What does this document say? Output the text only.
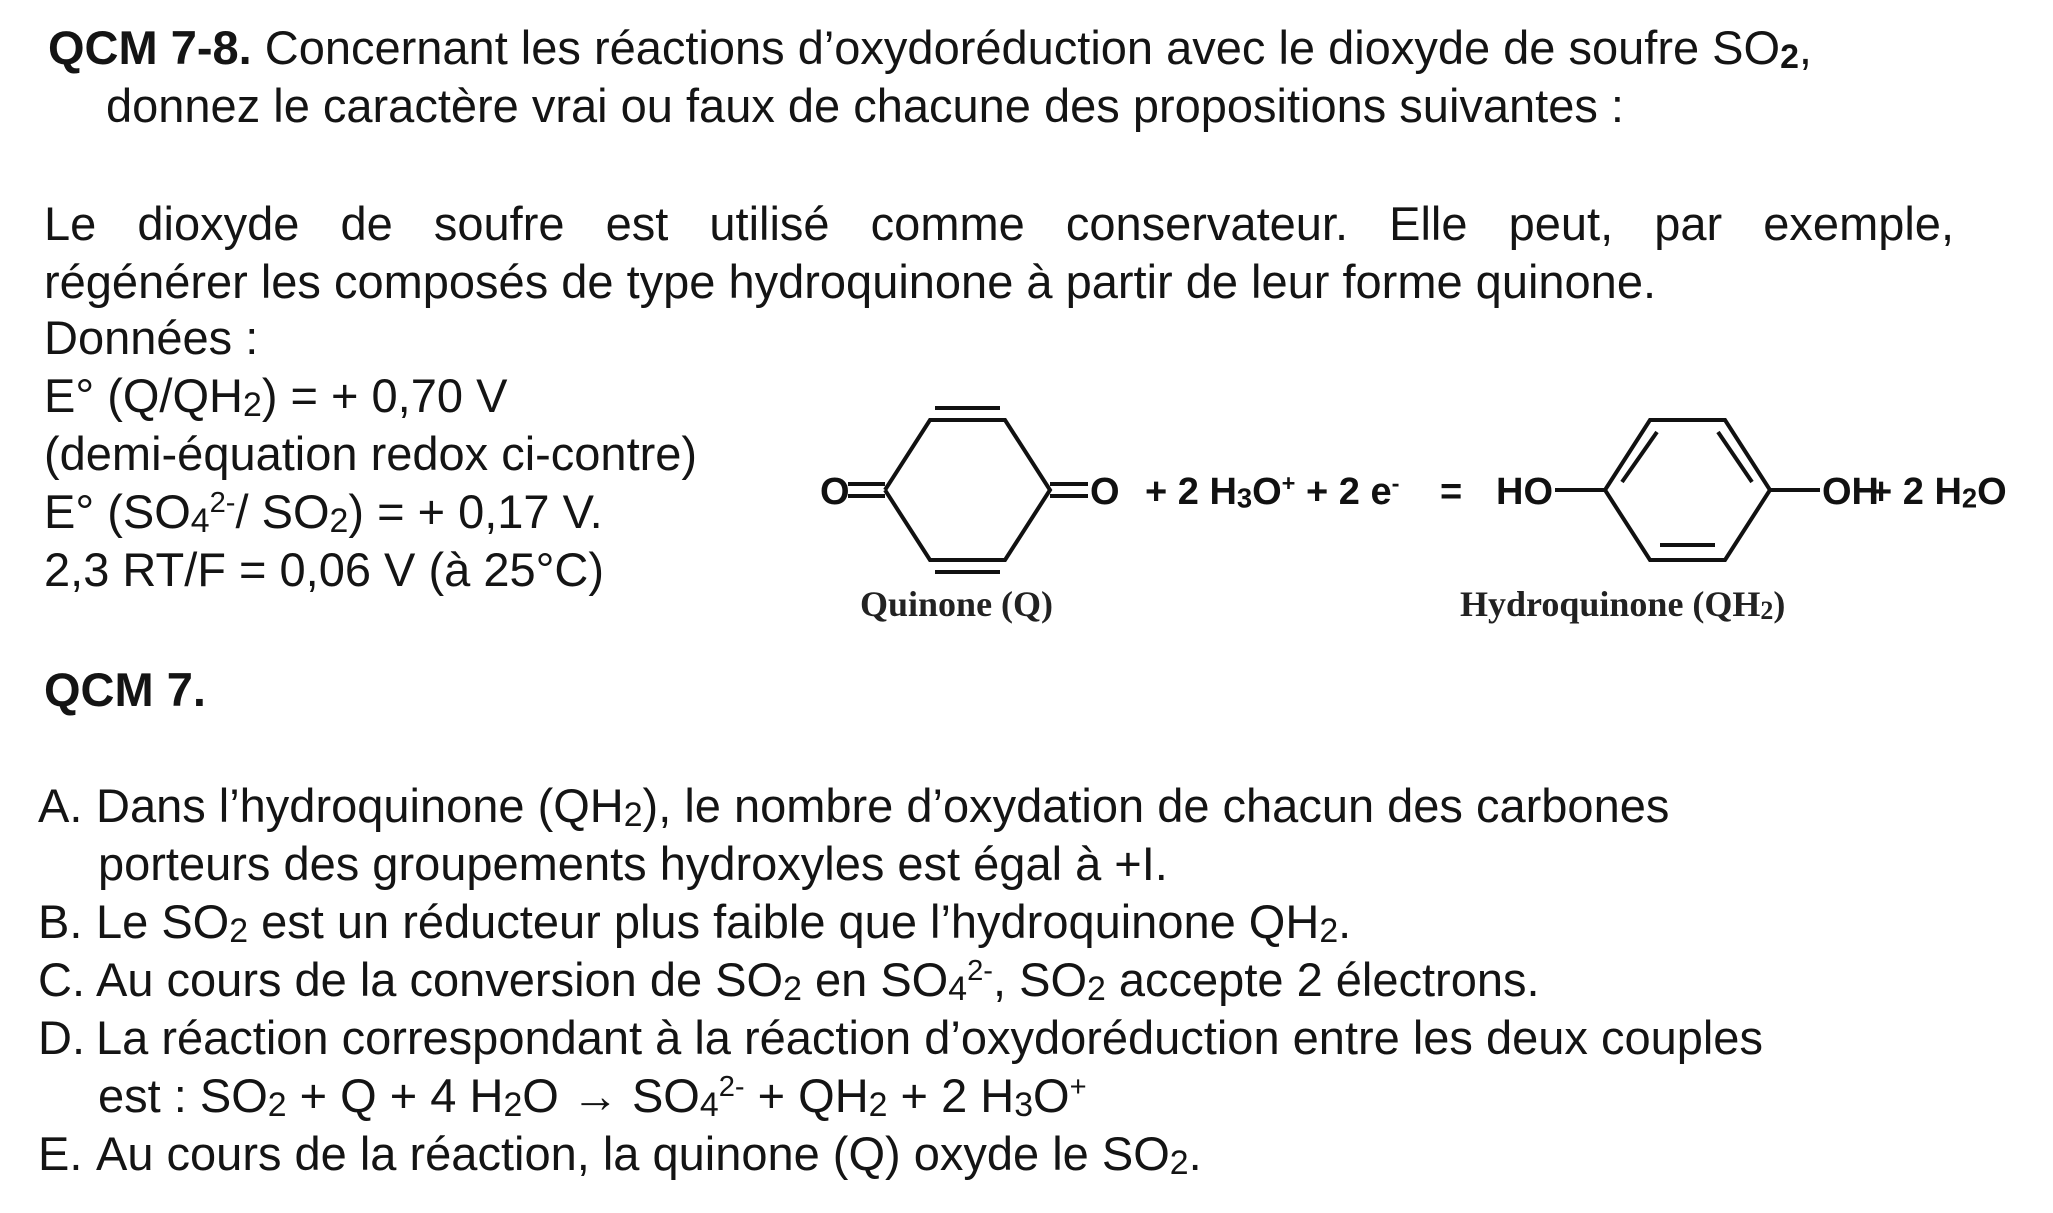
QCM 7-8. Concernant les réactions d’oxydoréduction avec le dioxyde de soufre $SO_2$,
donnez le caractère vrai ou faux de chacune des propositions suivantes :
Le dioxyde de soufre est utilisé comme conservateur. Elle peut, par exemple,
régénérer les composés de type hydroquinone à partir de leur forme quinone.
Données :
E° $(Q/QH_2)$ = + 0,70 V
(demi-équation redox ci-contre)
E° ($SO_4^{2-}/$ $SO_2$) = + 0,17 V.
2,3 RT/F = 0,06 V (à 25°C)
O	O + 2 $H_3O^+ + 2$ e- = HO	OH
+ 2 $H_2O$
Quinone (Q)	Hydroquinone $(QH_2)$
QCM 7.
A. Dans l’hydroquinone $(QH_2)$, le nombre d’oxydation de chacun des carbones
porteurs des groupements hydroxyles est égal à +I.
B. Le $SO_2$ est un réducteur plus faible que l’hydroquinone $QH_2$.
C. Au cours de la conversion de $SO_2$ en $SO_4^{2-}$, $SO_2$ accepte 2 électrons.
D. La réaction correspondant à la réaction d’oxydoréduction entre les deux couples
est : $SO_2 + Q + 4$ $H_2O \to SO_4^{2-} + QH_2 + 2$ $H_3O^+$
E. Au cours de la réaction, la quinone (Q) oxyde le $SO_2$.
